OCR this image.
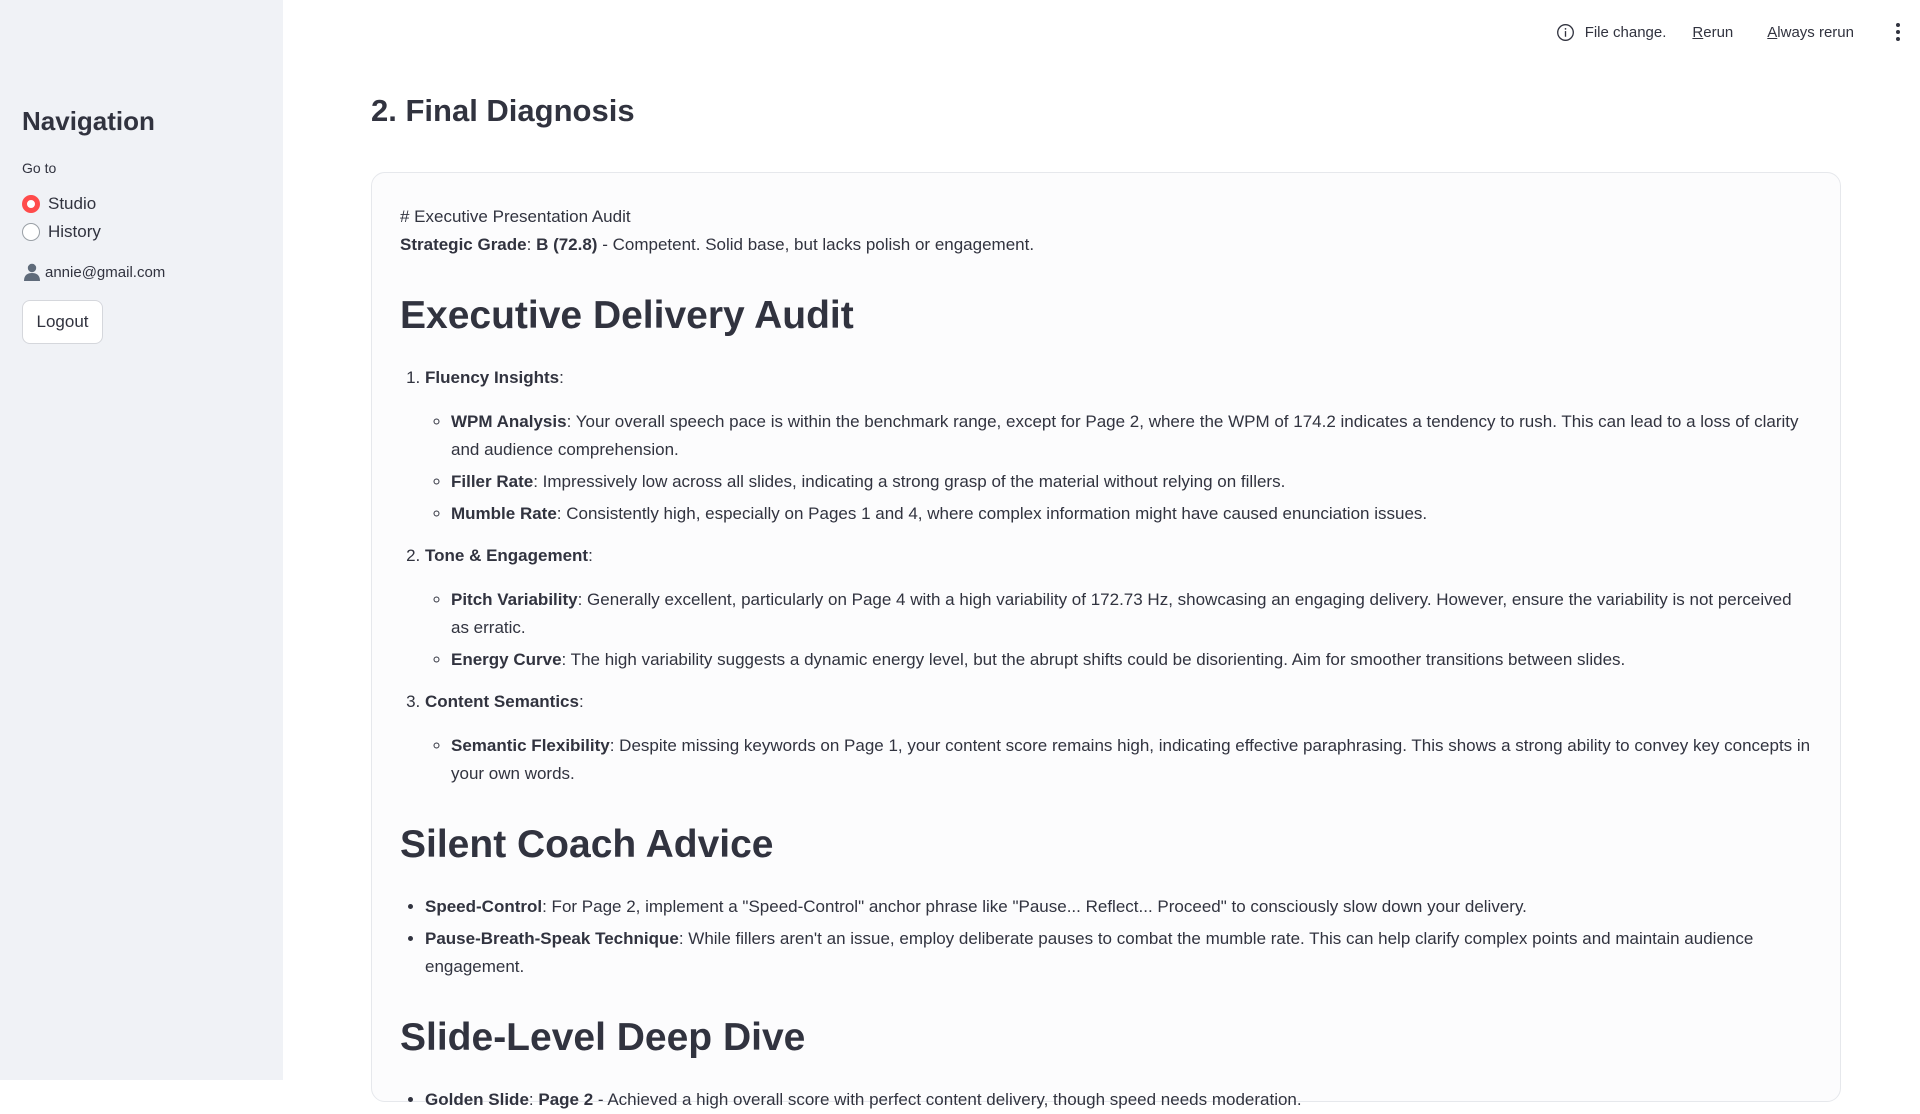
Navigation
Go to
Studio
History
annie@gmail.com
Logout
File change. Rerun Always rerun
2. Final Diagnosis

# Executive Presentation Audit

Strategic Grade: B (72.8) - Competent. Solid base, but lacks polish or engagement.

Executive Delivery Audit
1. Fluency Insights:
◦ WPM Analysis: Your overall speech pace is within the benchmark range, except for Page 2, where the WPM of 174.2 indicates a tendency to rush. This can lead to a loss of clarity and audience comprehension.
◦ Filler Rate: Impressively low across all slides, indicating a strong grasp of the material without relying on fillers.
◦ Mumble Rate: Consistently high, especially on Pages 1 and 4, where complex information might have caused enunciation issues.
2. Tone & Engagement:
◦ Pitch Variability: Generally excellent, particularly on Page 4 with a high variability of 172.73 Hz, showcasing an engaging delivery. However, ensure the variability is not perceived as erratic.
◦ Energy Curve: The high variability suggests a dynamic energy level, but the abrupt shifts could be disorienting. Aim for smoother transitions between slides.
3. Content Semantics:
◦ Semantic Flexibility: Despite missing keywords on Page 1, your content score remains high, indicating effective paraphrasing. This shows a strong ability to convey key concepts in your own words.
Silent Coach Advice
• Speed-Control: For Page 2, implement a "Speed-Control" anchor phrase like "Pause... Reflect... Proceed" to consciously slow down your delivery.
• Pause-Breath-Speak Technique: While fillers aren't an issue, employ deliberate pauses to combat the mumble rate. This can help clarify complex points and maintain audience engagement.
Slide-Level Deep Dive
• Golden Slide: Page 2 - Achieved a high overall score with perfect content delivery, though speed needs moderation.
